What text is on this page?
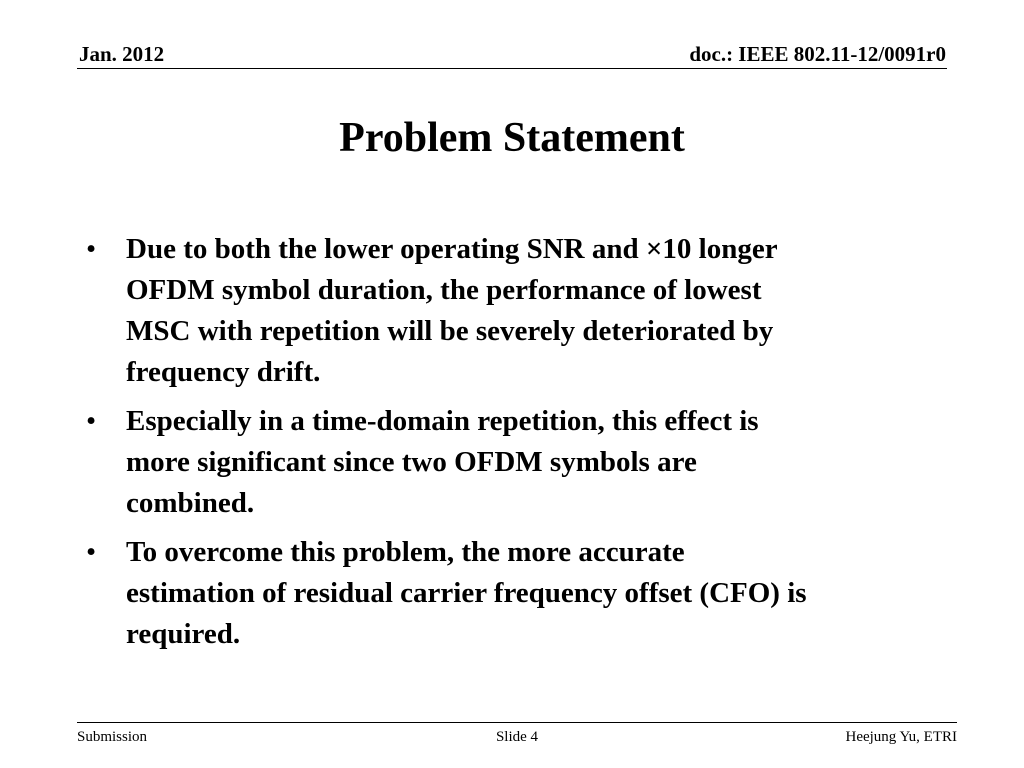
Jan. 2012	doc.: IEEE 802.11-12/0091r0
Problem Statement
•	Due to both the lower operating SNR and ×10 longer
OFDM symbol duration, the performance of lowest
MSC with repetition will be severely deteriorated by
frequency drift.
•	Especially in a time-domain repetition, this effect is
more significant since two OFDM symbols are
combined.
•	To overcome this problem, the more accurate
estimation of residual carrier frequency offset (CFO) is
required.
Submission	Slide 4	Heejung Yu, ETRI
